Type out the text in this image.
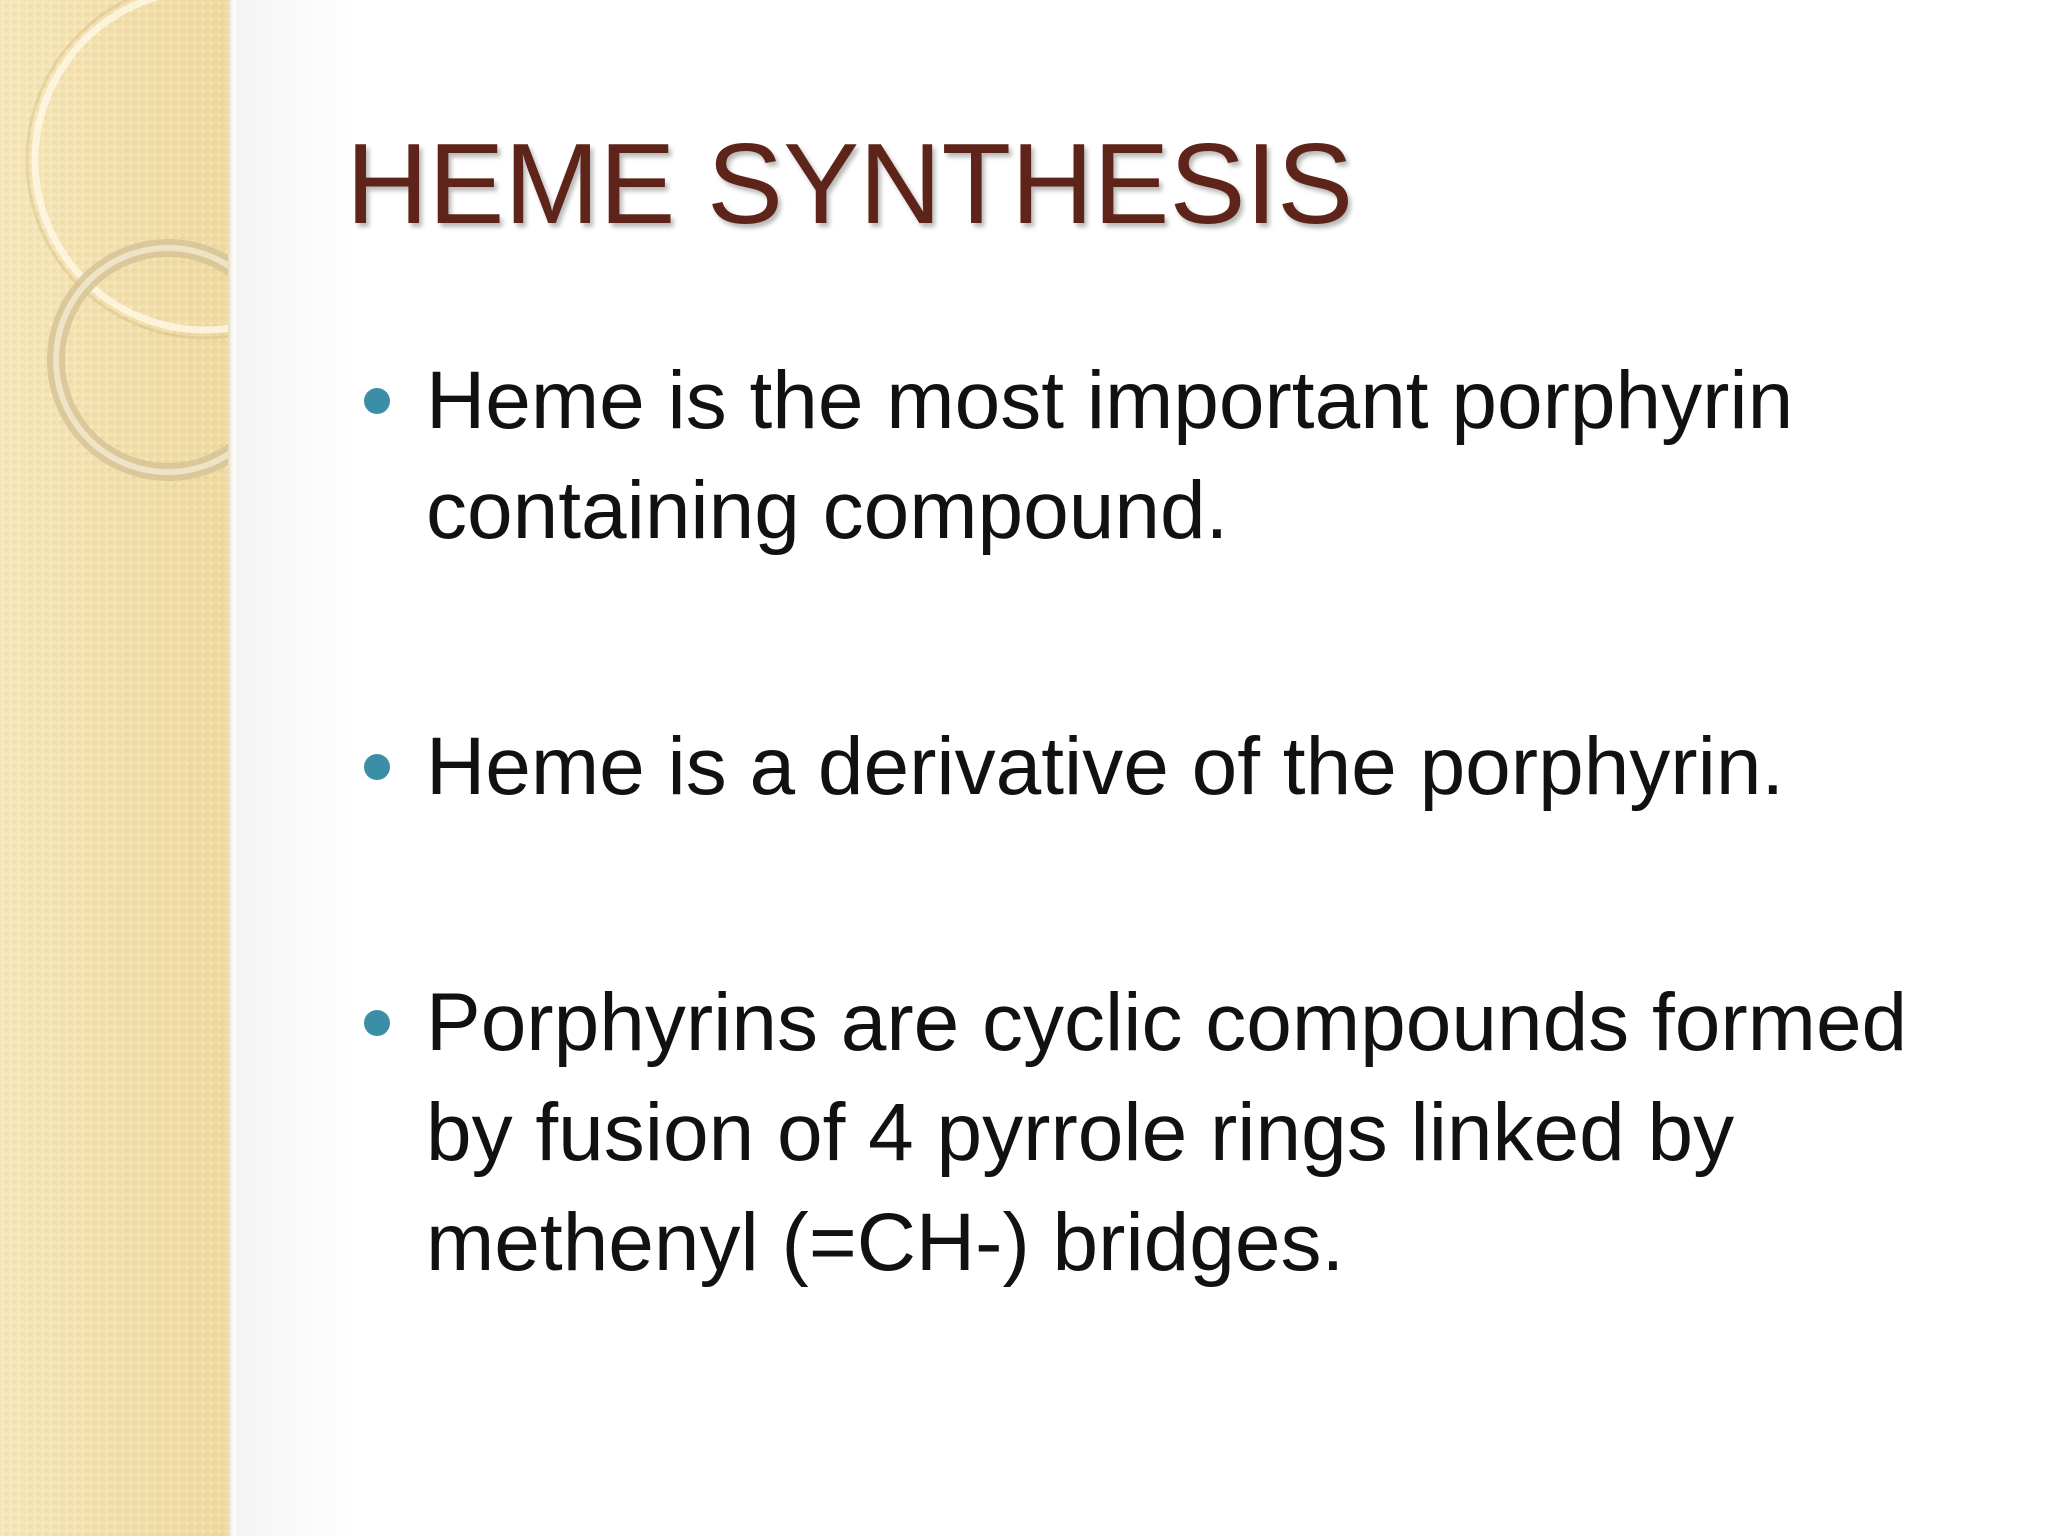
HEME SYNTHESIS
Heme is the most important porphyrin containing compound.
Heme is a derivative of the porphyrin.
Porphyrins are cyclic compounds formed by fusion of 4 pyrrole rings linked by methenyl (=CH-) bridges.
